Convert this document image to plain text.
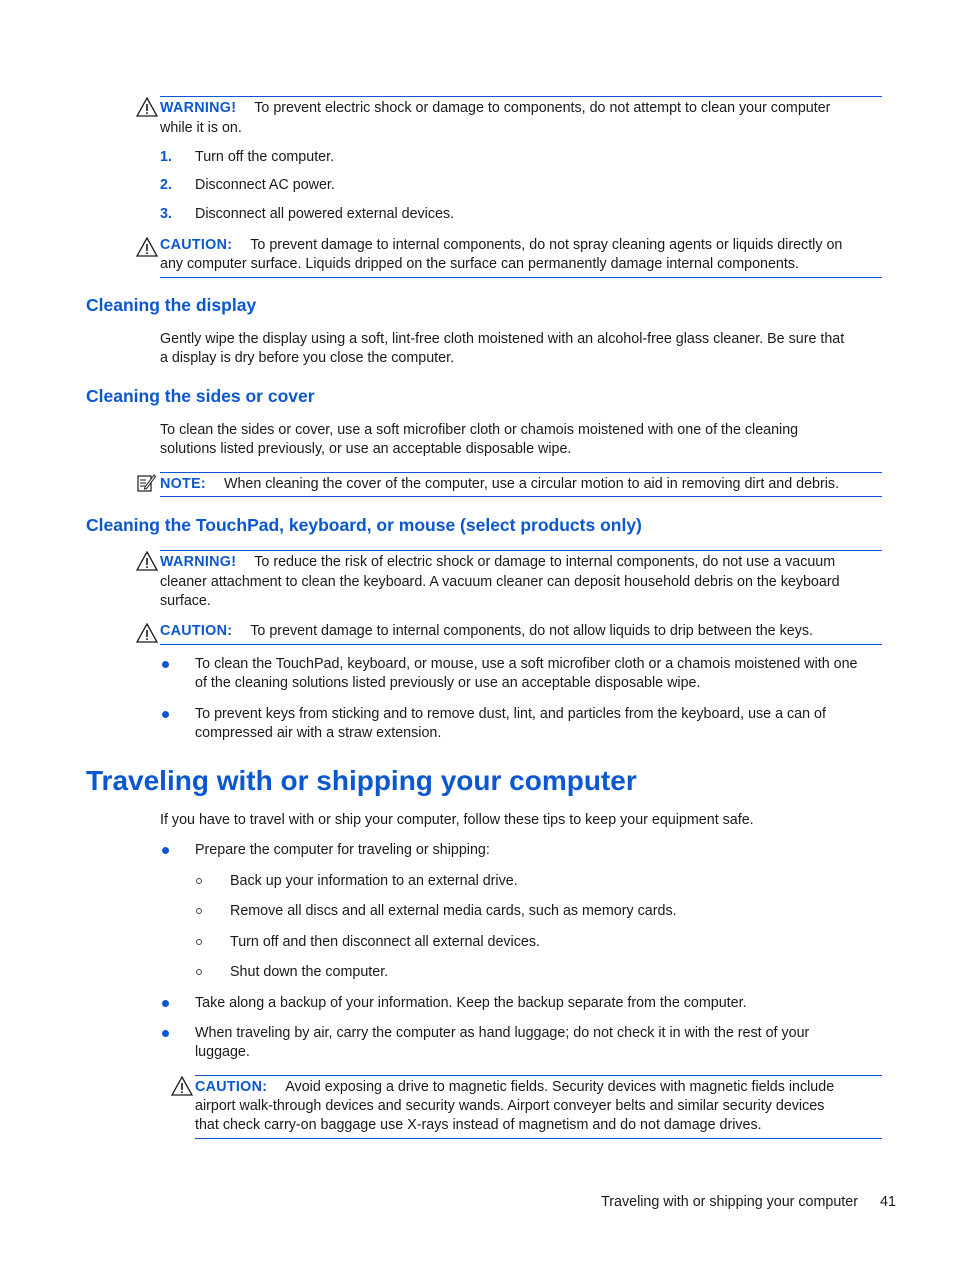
WARNING! To prevent electric shock or damage to components, do not attempt to clean your computer
while it is on.
1.	Turn off the computer.
2.	Disconnect AC power.
3.	Disconnect all powered external devices.
CAUTION: To prevent damage to internal components, do not spray cleaning agents or liquids directly on
any computer surface. Liquids dripped on the surface can permanently damage internal components.
Cleaning the display
Gently wipe the display using a soft, lint-free cloth moistened with an alcohol-free glass cleaner. Be sure that
a display is dry before you close the computer.
Cleaning the sides or cover
To clean the sides or cover, use a soft microfiber cloth or chamois moistened with one of the cleaning
solutions listed previously, or use an acceptable disposable wipe.
NOTE: When cleaning the cover of the computer, use a circular motion to aid in removing dirt and debris.
Cleaning the TouchPad, keyboard, or mouse (select products only)
WARNING! To reduce the risk of electric shock or damage to internal components, do not use a vacuum
cleaner attachment to clean the keyboard. A vacuum cleaner can deposit household debris on the keyboard
surface.
CAUTION: To prevent damage to internal components, do not allow liquids to drip between the keys.
To clean the TouchPad, keyboard, or mouse, use a soft microfiber cloth or a chamois moistened with one
of the cleaning solutions listed previously or use an acceptable disposable wipe.
To prevent keys from sticking and to remove dust, lint, and particles from the keyboard, use a can of
compressed air with a straw extension.
Traveling with or shipping your computer
If you have to travel with or ship your computer, follow these tips to keep your equipment safe.
Prepare the computer for traveling or shipping:
Back up your information to an external drive.
Remove all discs and all external media cards, such as memory cards.
Turn off and then disconnect all external devices.
Shut down the computer.
Take along a backup of your information. Keep the backup separate from the computer.
When traveling by air, carry the computer as hand luggage; do not check it in with the rest of your
luggage.
CAUTION: Avoid exposing a drive to magnetic fields. Security devices with magnetic fields include
airport walk-through devices and security wands. Airport conveyer belts and similar security devices
that check carry-on baggage use X-rays instead of magnetism and do not damage drives.
Traveling with or shipping your computer 41
